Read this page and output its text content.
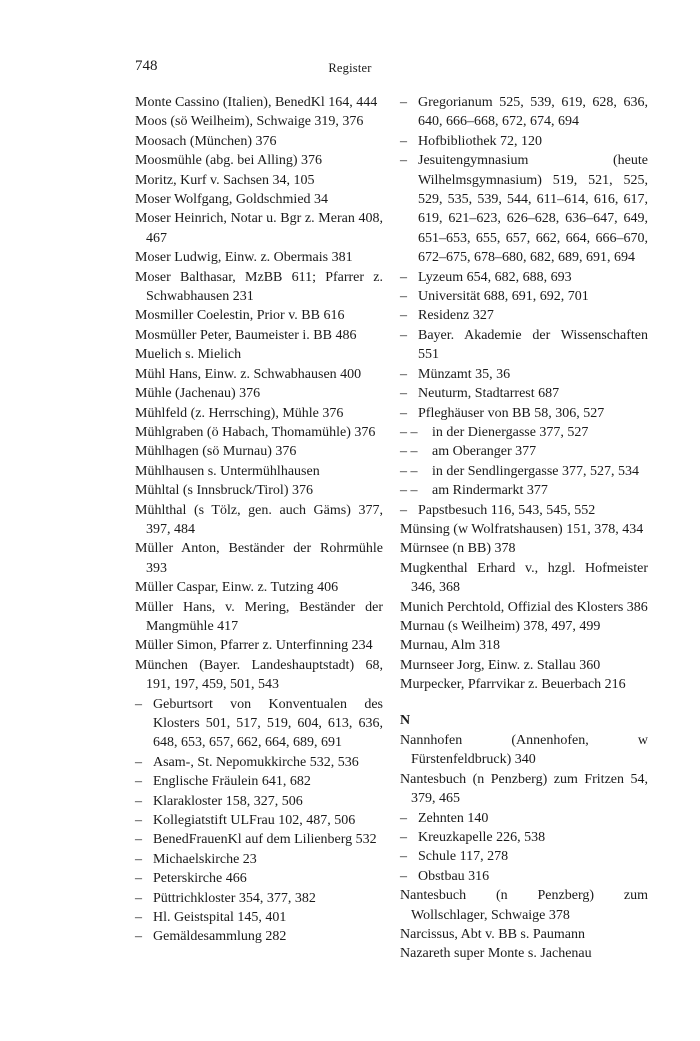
748	Register
Monte Cassino (Italien), BenedKl 164, 444
Moos (sö Weilheim), Schwaige 319, 376
Moosach (München) 376
Moosmühle (abg. bei Alling) 376
Moritz, Kurf v. Sachsen 34, 105
Moser Wolfgang, Goldschmied 34
Moser Heinrich, Notar u. Bgr z. Meran 408, 467
Moser Ludwig, Einw. z. Obermais 381
Moser Balthasar, MzBB 611; Pfarrer z. Schwabhausen 231
Mosmiller Coelestin, Prior v. BB 616
Mosmüller Peter, Baumeister i. BB 486
Muelich s. Mielich
Mühl Hans, Einw. z. Schwabhausen 400
Mühle (Jachenau) 376
Mühlfeld (z. Herrsching), Mühle 376
Mühlgraben (ö Habach, Thomamühle) 376
Mühlhagen (sö Murnau) 376
Mühlhausen s. Untermühlhausen
Mühltal (s Innsbruck/Tirol) 376
Mühlthal (s Tölz, gen. auch Gäms) 377, 397, 484
Müller Anton, Beständer der Rohrmühle 393
Müller Caspar, Einw. z. Tutzing 406
Müller Hans, v. Mering, Beständer der Mangmühle 417
Müller Simon, Pfarrer z. Unterfinning 234
München (Bayer. Landeshauptstadt) 68, 191, 197, 459, 501, 543
– Geburtsort von Konventualen des Klosters 501, 517, 519, 604, 613, 636, 648, 653, 657, 662, 664, 689, 691
– Asam-, St. Nepomukkirche 532, 536
– Englische Fräulein 641, 682
– Klarakloster 158, 327, 506
– Kollegiatstift ULFrau 102, 487, 506
– BenedFrauenKl auf dem Lilienberg 532
– Michaelskirche 23
– Peterskirche 466
– Püttrichkloster 354, 377, 382
– Hl. Geistspital 145, 401
– Gemäldesammlung 282
– Gregorianum 525, 539, 619, 628, 636, 640, 666–668, 672, 674, 694
– Hofbibliothek 72, 120
– Jesuitengymnasium (heute Wilhelmsgymnasium) 519, 521, 525, 529, 535, 539, 544, 611–614, 616, 617, 619, 621–623, 626–628, 636–647, 649, 651–653, 655, 657, 662, 664, 666–670, 672–675, 678–680, 682, 689, 691, 694
– Lyzeum 654, 682, 688, 693
– Universität 688, 691, 692, 701
– Residenz 327
– Bayer. Akademie der Wissenschaften 551
– Münzamt 35, 36
– Neuturm, Stadtarrest 687
– Pfleghäuser von BB 58, 306, 527
– –	in der Dienergasse 377, 527
– –	am Oberanger 377
– –	in der Sendlingergasse 377, 527, 534
– –	am Rindermarkt 377
– Papstbesuch 116, 543, 545, 552
Münsing (w Wolfratshausen) 151, 378, 434
Mürnsee (n BB) 378
Mugkenthal Erhard v., hzgl. Hofmeister 346, 368
Munich Perchtold, Offizial des Klosters 386
Murnau (s Weilheim) 378, 497, 499
Murnau, Alm 318
Murnseer Jorg, Einw. z. Stallau 360
Murpecker, Pfarrvikar z. Beuerbach 216
N
Nannhofen (Annenhofen, w Fürstenfeldbruck) 340
Nantesbuch (n Penzberg) zum Fritzen 54, 379, 465
– Zehnten 140
– Kreuzkapelle 226, 538
– Schule 117, 278
– Obstbau 316
Nantesbuch (n Penzberg) zum Wollschlager, Schwaige 378
Narcissus, Abt v. BB s. Paumann
Nazareth super Monte s. Jachenau
